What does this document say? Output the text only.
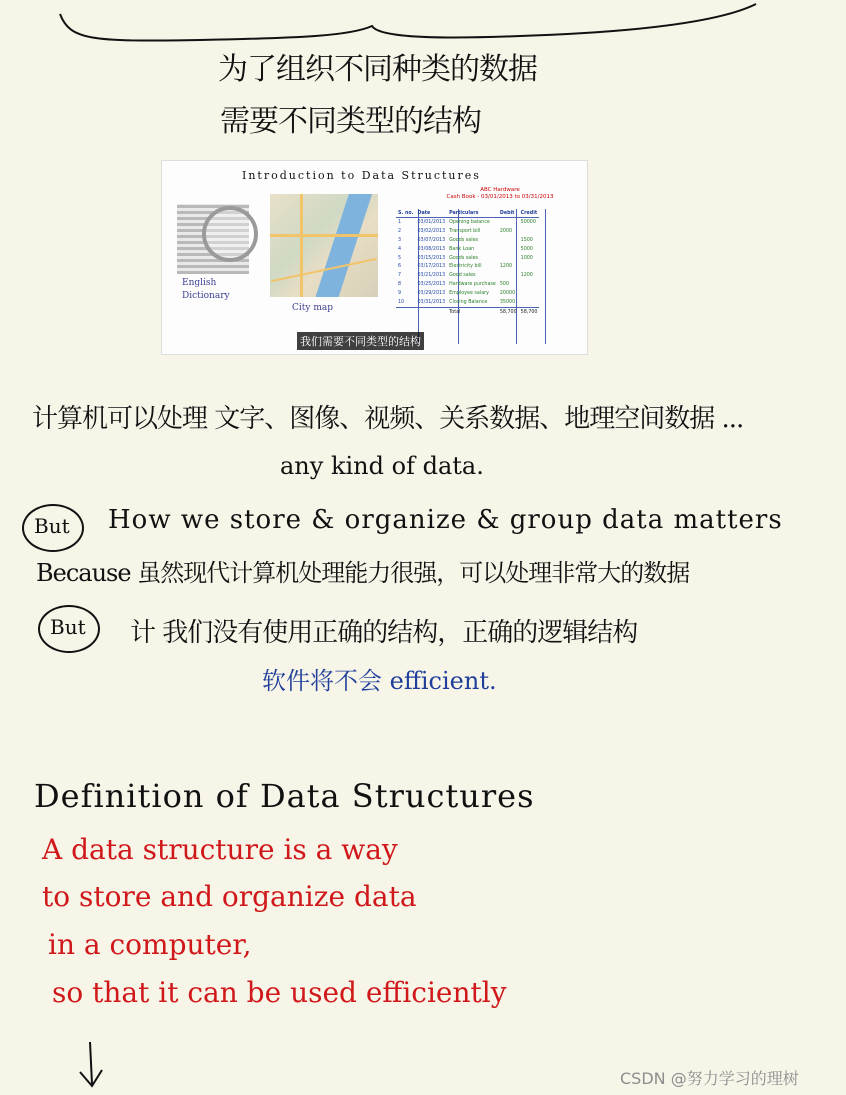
为了组织不同种类的数据
需要不同类型的结构
Introduction to Data Structures
English
Dictionary
City map
ABC Hardware
Cash Book - 03/01/2013 to 03/31/2013
S. no.	Date	Particulars	Debit	Credit
1	03/01/2013	Opening balance		50000
2	03/02/2013	Transport bill	2000	
3	03/07/2013	Goods sales		1500
4	03/08/2013	Bank Loan		5000
5	03/15/2013	Goods sales		1000
6	03/17/2013	Electricity bill	1200	
7	03/21/2013	Good sales		1200
8	03/25/2013	Hardware purchase	500	
9	03/29/2013	Employee salary	20000	
10	03/31/2013	Closing Balance	35000	
		Total	58,700	58,700
我们需要不同类型的结构
计算机可以处理 文字、图像、视频、关系数据、地理空间数据 ...
any kind of data.
But How we store & organize & group data matters
Because 虽然现代计算机处理能力很强，可以处理非常大的数据
But 计 我们没有使用正确的结构，正确的逻辑结构
软件将不会 efficient.
Definition of Data Structures
A data structure is a way
to store and organize data
in a computer,
so that it can be used efficiently
CSDN @努力学习的理树
